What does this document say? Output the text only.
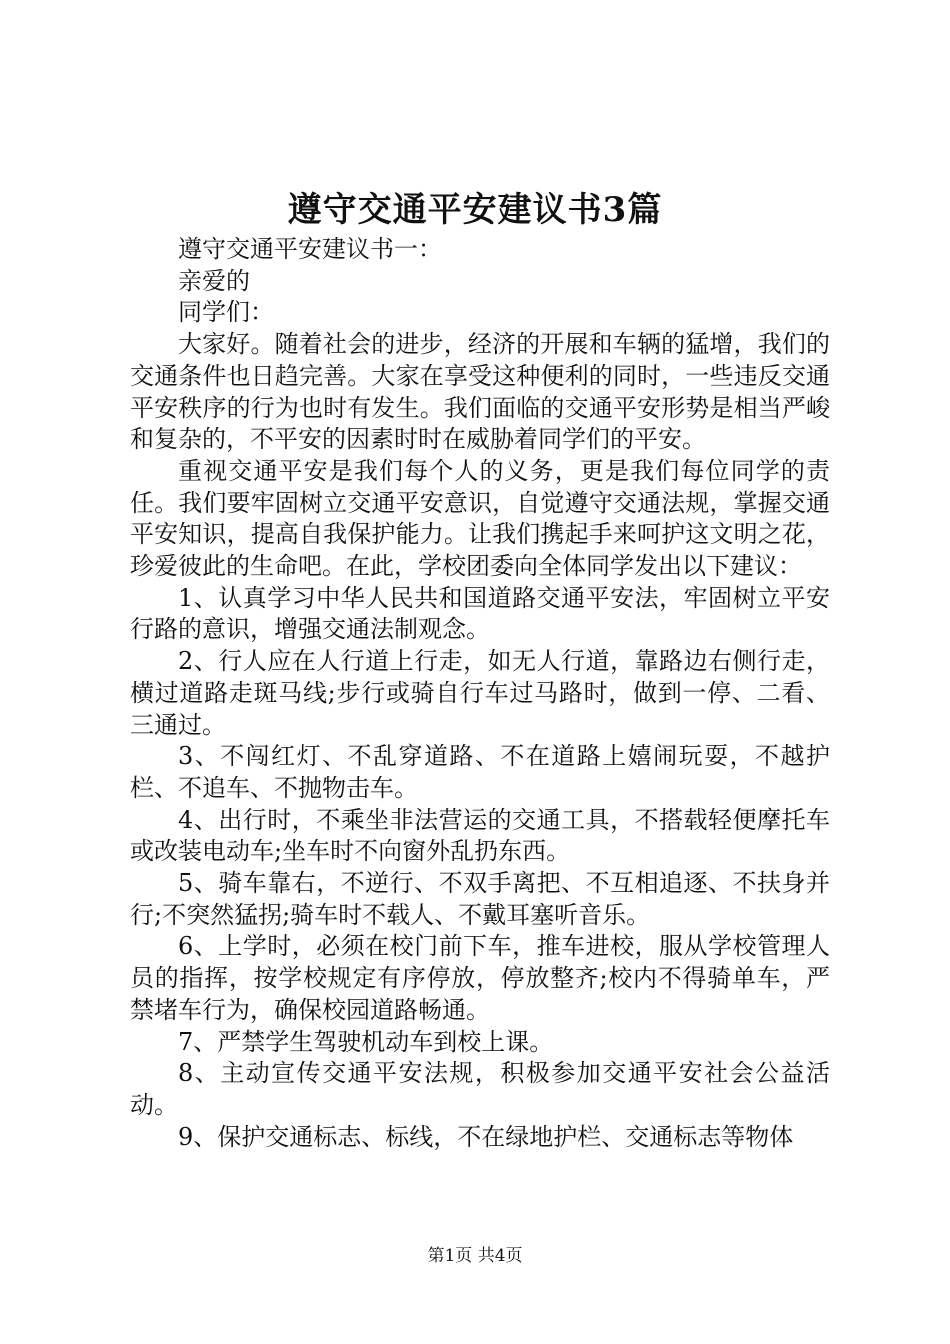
遵守交通平安建议书3篇

遵守交通平安建议书一：

亲爱的

同学们：

大家好。随着社会的进步，经济的开展和车辆的猛增，我们的交通条件也日趋完善。大家在享受这种便利的同时，一些违反交通平安秩序的行为也时有发生。我们面临的交通平安形势是相当严峻和复杂的，不平安的因素时时在威胁着同学们的平安。

重视交通平安是我们每个人的义务，更是我们每位同学的责任。我们要牢固树立交通平安意识，自觉遵守交通法规，掌握交通平安知识，提高自我保护能力。让我们携起手来呵护这文明之花，珍爱彼此的生命吧。在此，学校团委向全体同学发出以下建议：

1、认真学习中华人民共和国道路交通平安法，牢固树立平安行路的意识，增强交通法制观念。

2、行人应在人行道上行走，如无人行道，靠路边右侧行走，横过道路走斑马线;步行或骑自行车过马路时，做到一停、二看、三通过。

3、不闯红灯、不乱穿道路、不在道路上嬉闹玩耍，不越护栏、不追车、不抛物击车。

4、出行时，不乘坐非法营运的交通工具，不搭载轻便摩托车或改装电动车;坐车时不向窗外乱扔东西。

5、骑车靠右，不逆行、不双手离把、不互相追逐、不扶身并行;不突然猛拐;骑车时不载人、不戴耳塞听音乐。

6、上学时，必须在校门前下车，推车进校，服从学校管理人员的指挥，按学校规定有序停放，停放整齐;校内不得骑单车，严禁堵车行为，确保校园道路畅通。

7、严禁学生驾驶机动车到校上课。

8、主动宣传交通平安法规，积极参加交通平安社会公益活动。

9、保护交通标志、标线，不在绿地护栏、交通标志等物体

第1页 共4页
